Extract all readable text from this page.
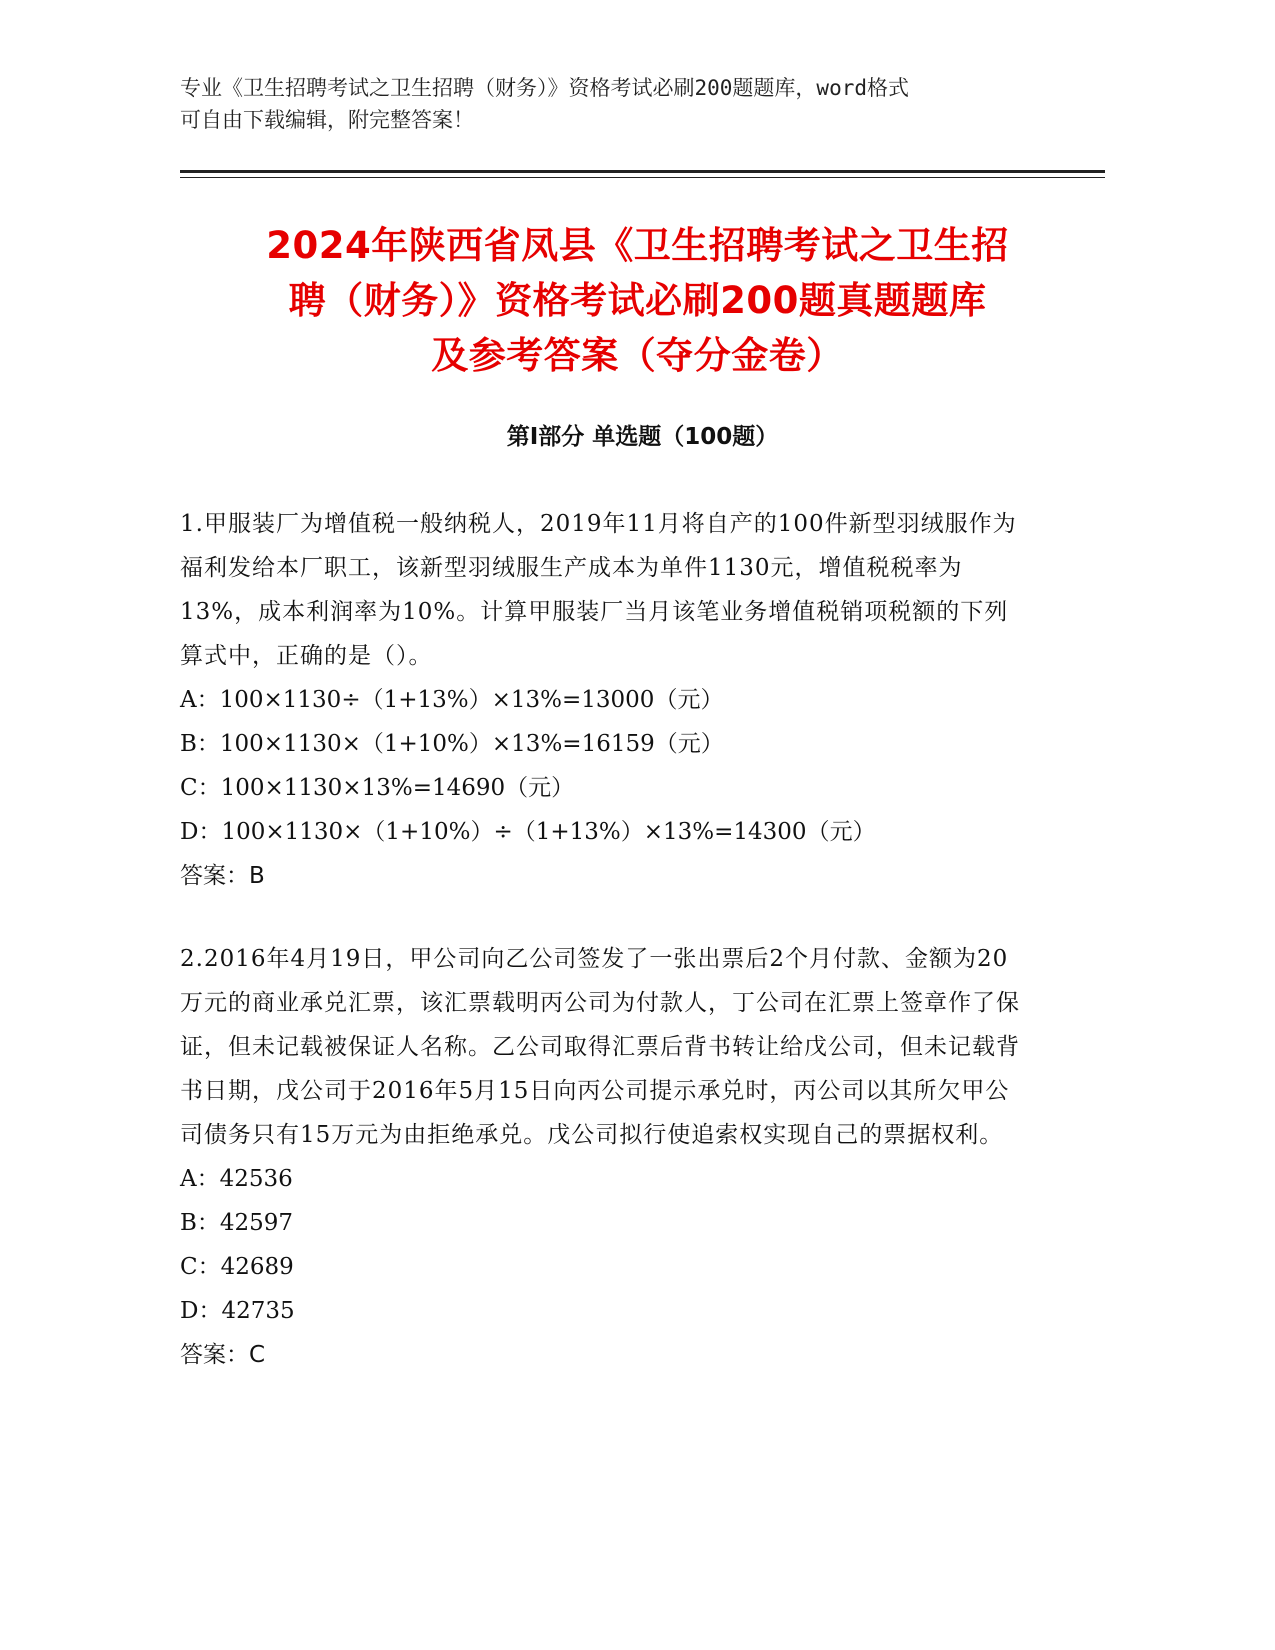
专业《卫生招聘考试之卫生招聘（财务）》资格考试必刷200题题库，word格式

可自由下载编辑，附完整答案！

2024年陕西省凤县《卫生招聘考试之卫生招
聘（财务）》资格考试必刷200题真题题库
及参考答案（夺分金卷）
第Ⅰ部分 单选题（100题）

1.甲服装厂为增值税一般纳税人，2019年11月将自产的100件新型羽绒服作为福利发给本厂职工，该新型羽绒服生产成本为单件1130元，增值税税率为13%，成本利润率为10%。计算甲服装厂当月该笔业务增值税销项税额的下列算式中，正确的是（）。

A：100×1130÷（1+13%）×13%=13000（元）

B：100×1130×（1+10%）×13%=16159（元）

C：100×1130×13%=14690（元）

D：100×1130×（1+10%）÷（1+13%）×13%=14300（元）

答案：B

2.2016年4月19日，甲公司向乙公司签发了一张出票后2个月付款、金额为20万元的商业承兑汇票，该汇票载明丙公司为付款人，丁公司在汇票上签章作了保证，但未记载被保证人名称。乙公司取得汇票后背书转让给戊公司，但未记载背书日期，戊公司于2016年5月15日向丙公司提示承兑时，丙公司以其所欠甲公司债务只有15万元为由拒绝承兑。戊公司拟行使追索权实现自己的票据权利。

A：42536

B：42597

C：42689

D：42735

答案：C
